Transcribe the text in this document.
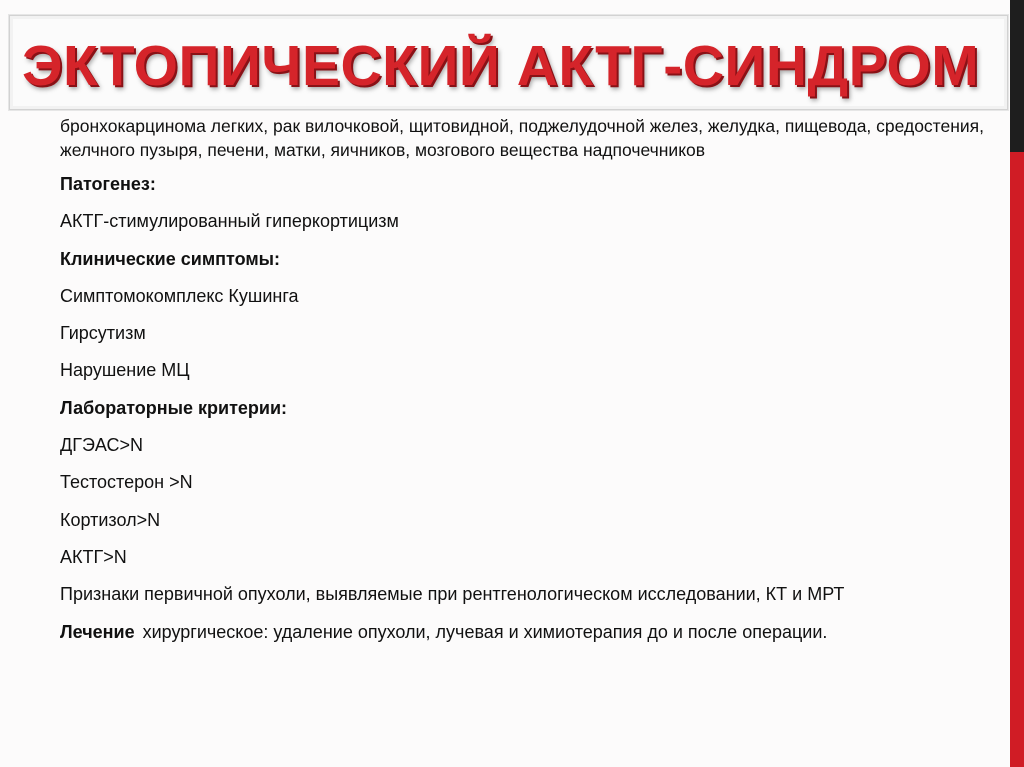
ЭКТОПИЧЕСКИЙ АКТГ-СИНДРОМ

бронхокарцинома легких, рак вилочковой, щитовидной, поджелудочной желез, желудка, пищевода, средостения, желчного пузыря, печени, матки, яичников, мозгового вещества надпочечников

Патогенез:

АКТГ-стимулированный гиперкортицизм

Клинические симптомы:

Симптомокомплекс Кушинга

Гирсутизм

Нарушение МЦ

Лабораторные критерии:

ДГЭАС>N

Тестостерон >N

Кортизол>N

АКТГ>N

Признаки первичной опухоли, выявляемые при рентгенологическом исследовании, КТ и МРТ

Лечение хирургическое: удаление опухоли, лучевая и химиотерапия до и после операции.
